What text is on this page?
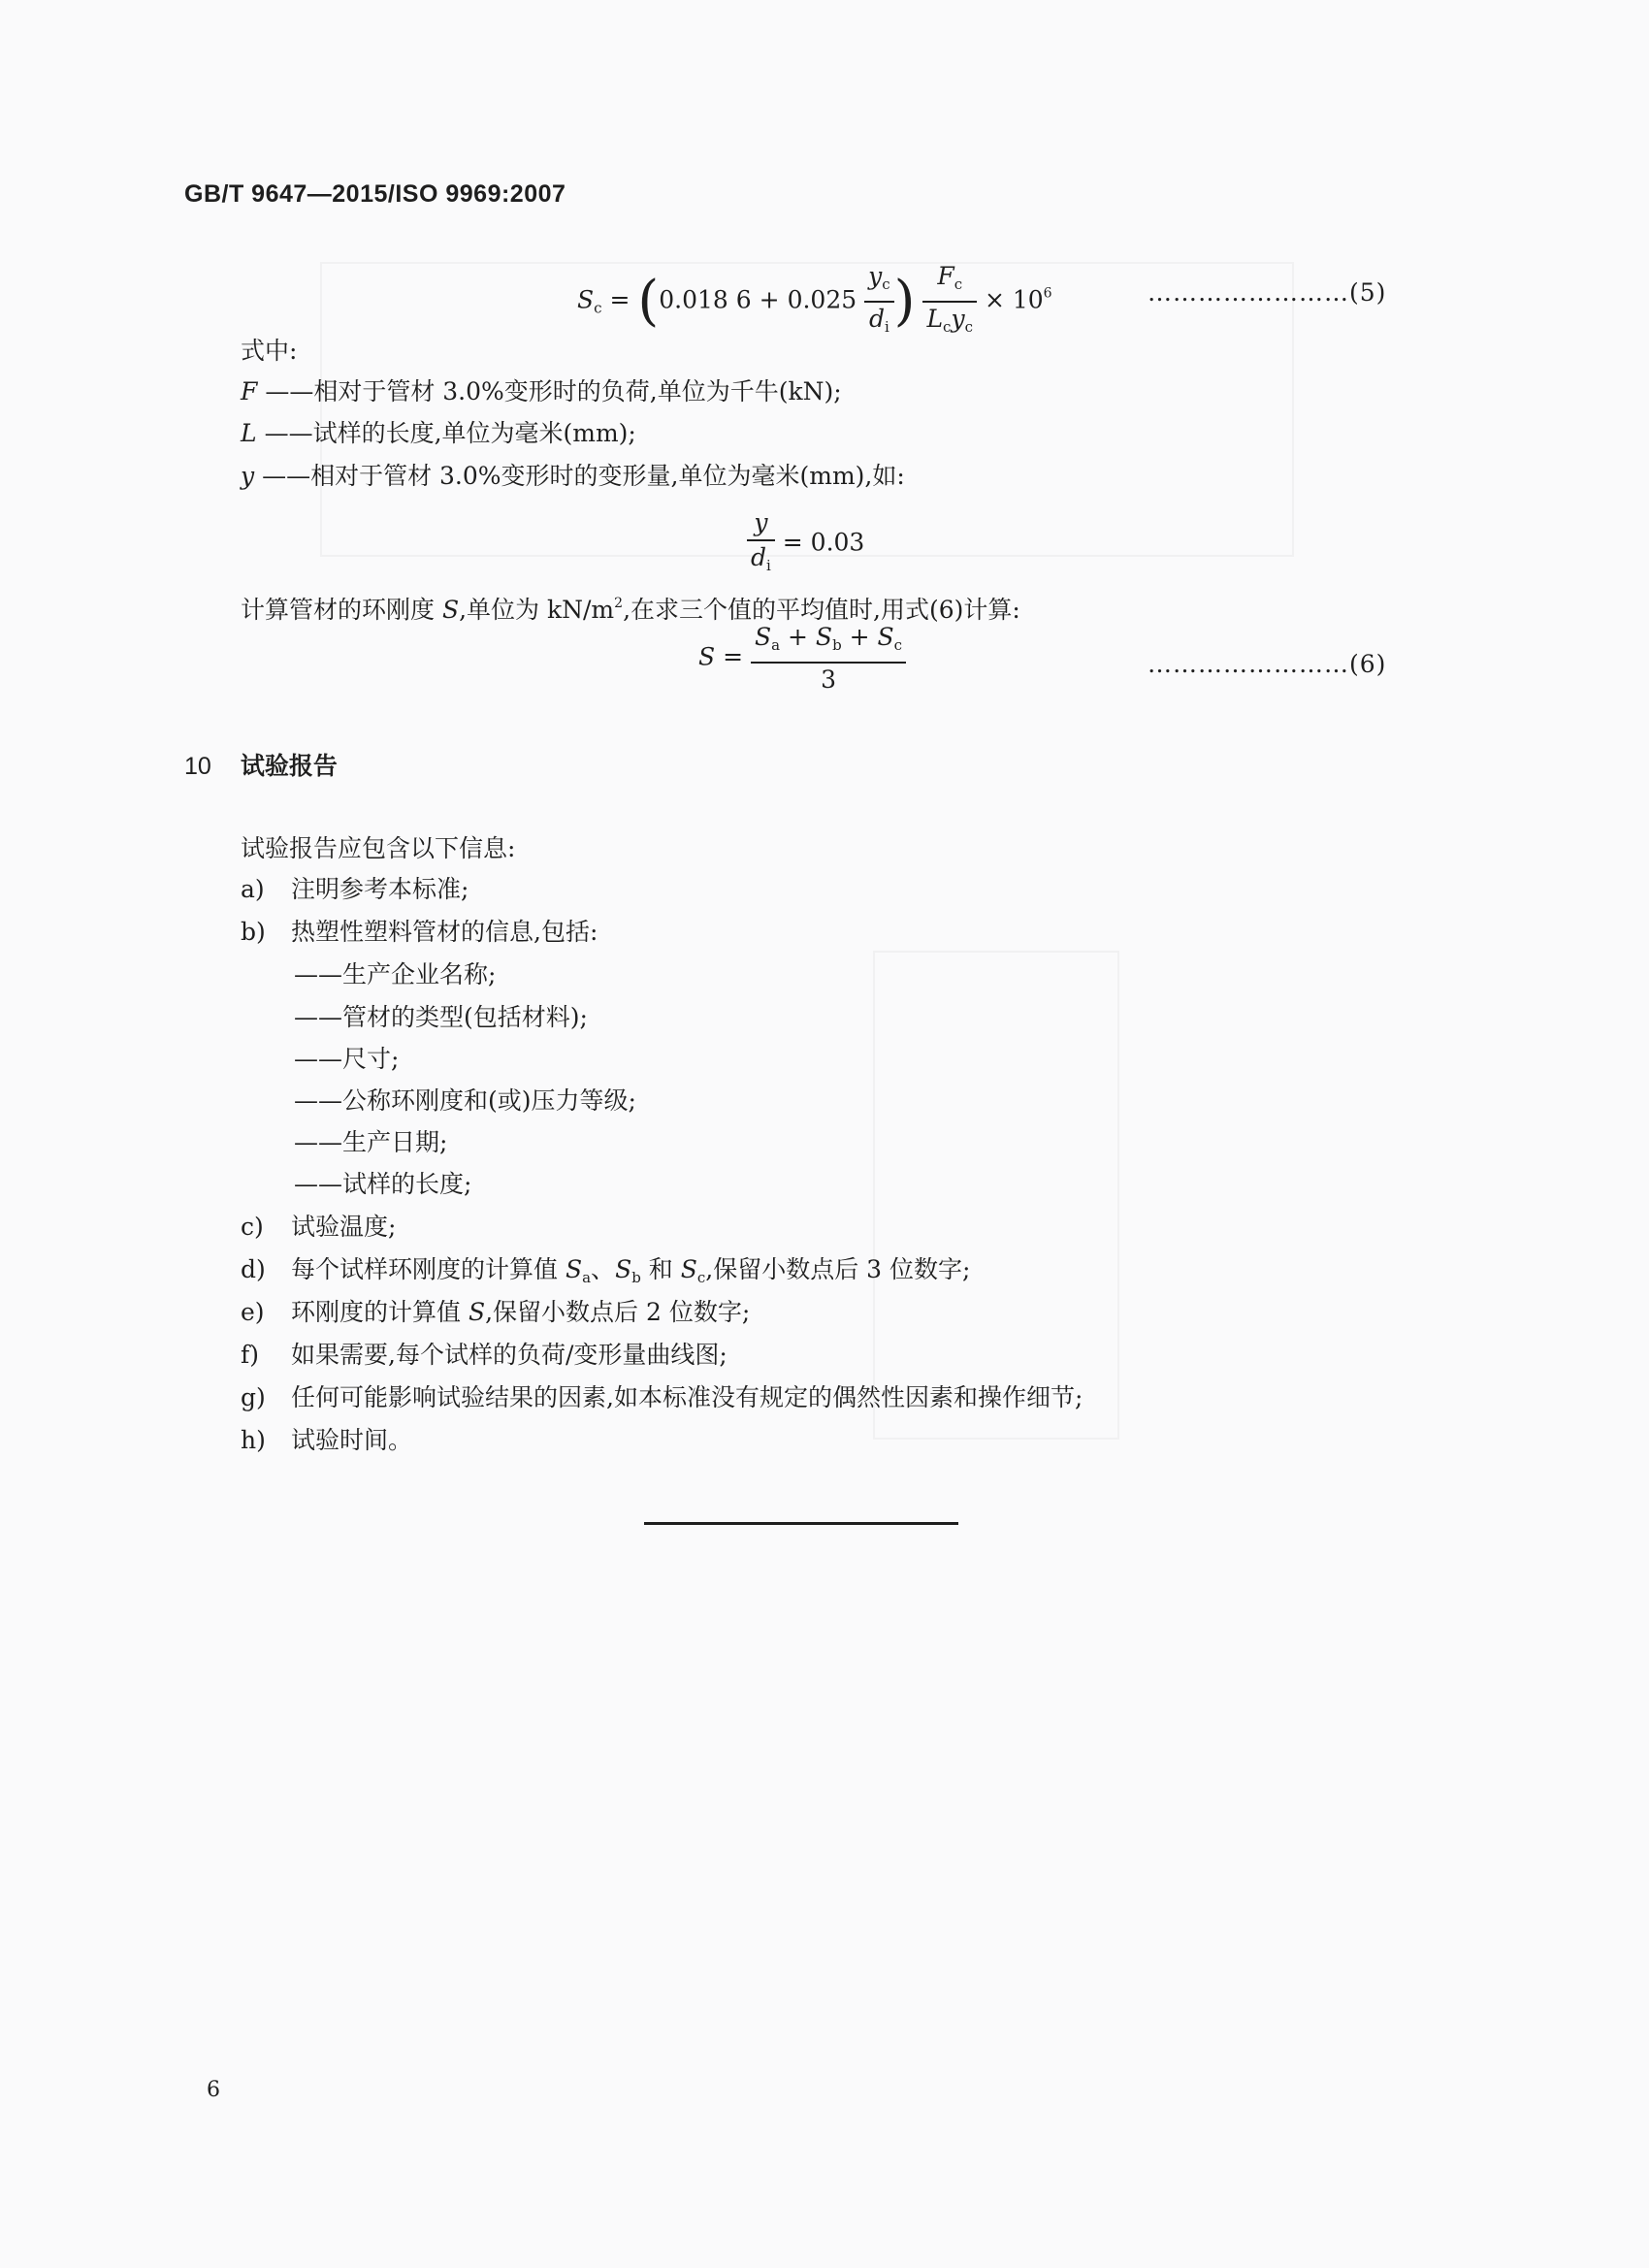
GB/T 9647—2015/ISO 9969:2007
$S_c = (0.018$ $6 + 0.025 \frac{y_c}{d_i}$ ) $\frac{F_c}{L_cy_c} \times 10^6$	……………………(5)
式中:
F ——相对于管材 3.0%变形时的负荷,单位为千牛(kN);
L ——试样的长度,单位为毫米(mm);
y ——相对于管材 3.0%变形时的变形量,单位为毫米(mm),如:
$\frac{y}{d_i} = 0.03$
计算管材的环刚度 S,单位为 $kN/m^2$,在求三个值的平均值时,用式(6)计算:
$S = \frac{S_a + S_b + S_c}{3}$	……………………(6)
10 试验报告
试验报告应包含以下信息:
a) 注明参考本标准;
b) 热塑性塑料管材的信息,包括:
——生产企业名称;
——管材的类型(包括材料);
——尺寸;
——公称环刚度和(或)压力等级;
——生产日期;
——试样的长度;
c) 试验温度;
d) 每个试样环刚度的计算值 $S_a$、$S_b$ 和 $S_c$,保留小数点后 3 位数字;
e) 环刚度的计算值 S,保留小数点后 2 位数字;
f) 如果需要,每个试样的负荷/变形量曲线图;
g) 任何可能影响试验结果的因素,如本标准没有规定的偶然性因素和操作细节;
h) 试验时间。
6
